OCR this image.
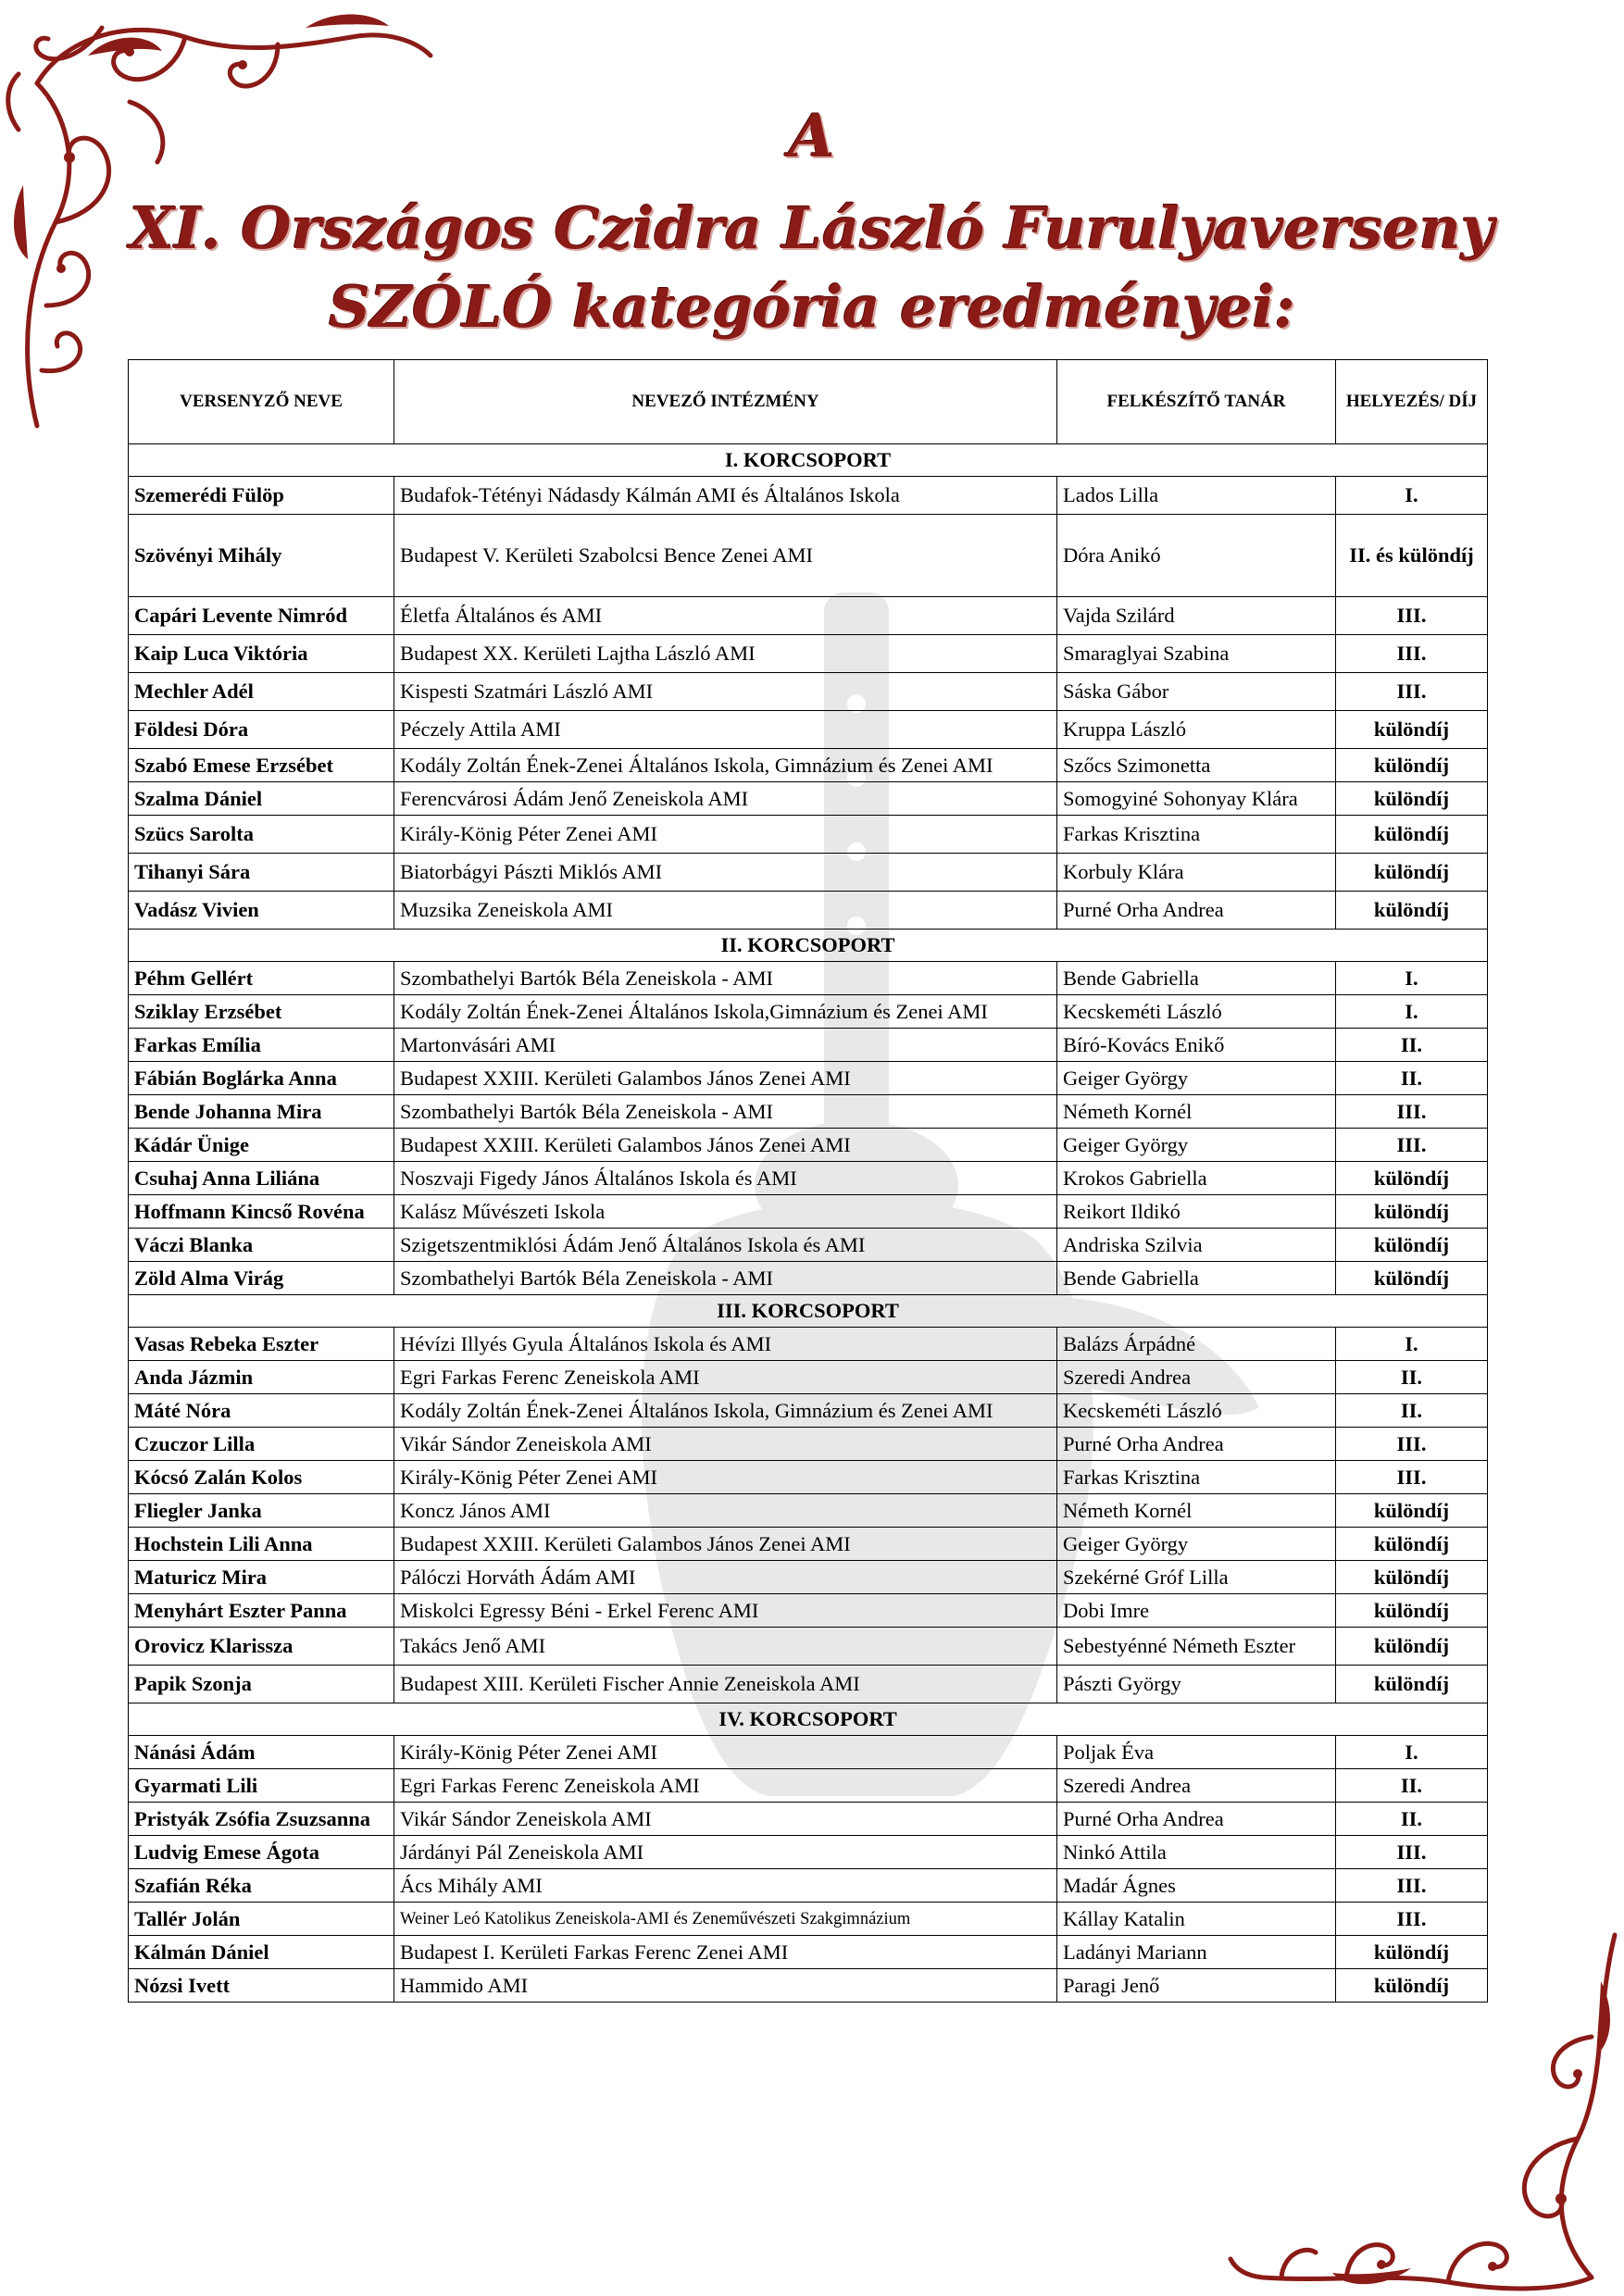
A
XI. Országos Czidra László Furulyaverseny
SZÓLÓ kategória eredményei:
VERSENYZŐ NEVE	NEVEZŐ INTÉZMÉNY	FELKÉSZÍTŐ TANÁR	HELYEZÉS/ DÍJ
I. KORCSOPORT			
Szemerédi Fülöp	Budafok-Tétényi Nádasdy Kálmán AMI és Általános Iskola	Lados Lilla	I.
Szövényi Mihály	Budapest V. Kerületi Szabolcsi Bence Zenei AMI	Dóra Anikó	II. és különdíj
Capári Levente Nimród	Életfa Általános és AMI	Vajda Szilárd	III.
Kaip Luca Viktória	Budapest XX. Kerületi Lajtha László AMI	Smaraglyai Szabina	III.
Mechler Adél	Kispesti Szatmári László AMI	Sáska Gábor	III.
Földesi Dóra	Péczely Attila AMI	Kruppa László	különdíj
Szabó Emese Erzsébet	Kodály Zoltán Ének-Zenei Általános Iskola, Gimnázium és Zenei AMI	Szőcs Szimonetta	különdíj
Szalma Dániel	Ferencvárosi Ádám Jenő Zeneiskola AMI	Somogyiné Sohonyay Klára	különdíj
Szücs Sarolta	Király-König Péter Zenei AMI	Farkas Krisztina	különdíj
Tihanyi Sára	Biatorbágyi Pászti Miklós AMI	Korbuly Klára	különdíj
Vadász Vivien	Muzsika Zeneiskola AMI	Purné Orha Andrea	különdíj
II. KORCSOPORT			
Péhm Gellért	Szombathelyi Bartók Béla Zeneiskola - AMI	Bende Gabriella	I.
Sziklay Erzsébet	Kodály Zoltán Ének-Zenei Általános Iskola,Gimnázium és Zenei AMI	Kecskeméti László	I.
Farkas Emília	Martonvásári AMI	Bíró-Kovács Enikő	II.
Fábián Boglárka Anna	Budapest XXIII. Kerületi Galambos János Zenei AMI	Geiger György	II.
Bende Johanna Mira	Szombathelyi Bartók Béla Zeneiskola - AMI	Németh Kornél	III.
Kádár Ünige	Budapest XXIII. Kerületi Galambos János Zenei AMI	Geiger György	III.
Csuhaj Anna Liliána	Noszvaji Figedy János Általános Iskola és AMI	Krokos Gabriella	különdíj
Hoffmann Kincső Rovéna	Kalász Művészeti Iskola	Reikort Ildikó	különdíj
Váczi Blanka	Szigetszentmiklósi Ádám Jenő Általános Iskola és AMI	Andriska Szilvia	különdíj
Zöld Alma Virág	Szombathelyi Bartók Béla Zeneiskola - AMI	Bende Gabriella	különdíj
III. KORCSOPORT			
Vasas Rebeka Eszter	Hévízi Illyés Gyula Általános Iskola és AMI	Balázs Árpádné	I.
Anda Jázmin	Egri Farkas Ferenc Zeneiskola AMI	Szeredi Andrea	II.
Máté Nóra	Kodály Zoltán Ének-Zenei Általános Iskola, Gimnázium és Zenei AMI	Kecskeméti László	II.
Czuczor Lilla	Vikár Sándor Zeneiskola AMI	Purné Orha Andrea	III.
Kócsó Zalán Kolos	Király-König Péter Zenei AMI	Farkas Krisztina	III.
Fliegler Janka	Koncz János AMI	Németh Kornél	különdíj
Hochstein Lili Anna	Budapest XXIII. Kerületi Galambos János Zenei AMI	Geiger György	különdíj
Maturicz Mira	Pálóczi Horváth Ádám AMI	Szekérné Gróf Lilla	különdíj
Menyhárt Eszter Panna	Miskolci Egressy Béni - Erkel Ferenc AMI	Dobi Imre	különdíj
Orovicz Klarissza	Takács Jenő AMI	Sebestyénné Németh Eszter	különdíj
Papik Szonja	Budapest XIII. Kerületi Fischer Annie Zeneiskola AMI	Pászti György	különdíj
IV. KORCSOPORT			
Nánási Ádám	Király-König Péter Zenei AMI	Poljak Éva	I.
Gyarmati Lili	Egri Farkas Ferenc Zeneiskola AMI	Szeredi Andrea	II.
Pristyák Zsófia Zsuzsanna	Vikár Sándor Zeneiskola AMI	Purné Orha Andrea	II.
Ludvig Emese Ágota	Járdányi Pál Zeneiskola AMI	Ninkó Attila	III.
Szafián Réka	Ács Mihály AMI	Madár Ágnes	III.
Tallér Jolán	Weiner Leó Katolikus Zeneiskola-AMI és Zeneművészeti Szakgimnázium	Kállay Katalin	III.
Kálmán Dániel	Budapest I. Kerületi Farkas Ferenc Zenei AMI	Ladányi Mariann	különdíj
Nózsi Ivett	Hammido AMI	Paragi Jenő	különdíj
